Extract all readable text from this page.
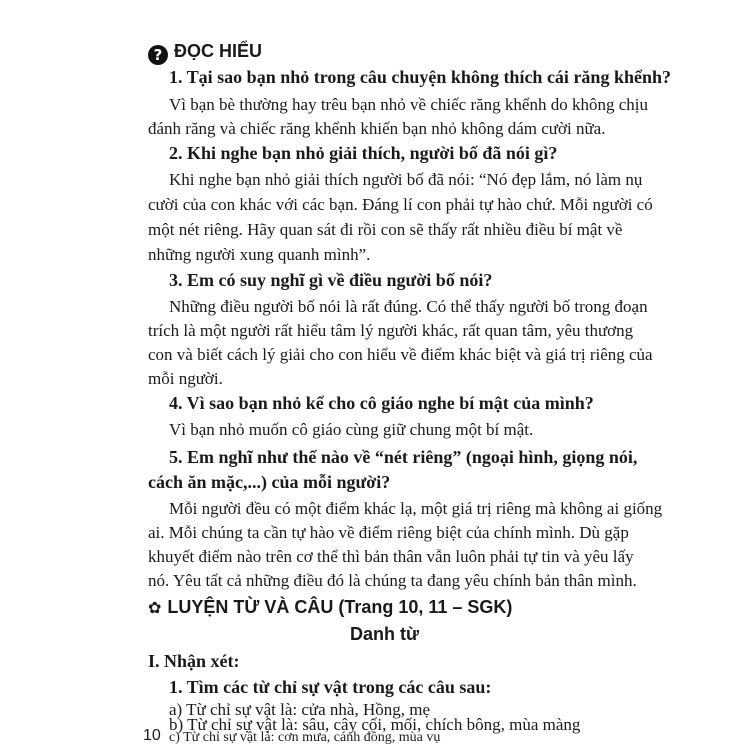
? ĐỌC HIỂU
1. Tại sao bạn nhỏ trong câu chuyện không thích cái răng khểnh?
Vì bạn bè thường hay trêu bạn nhỏ về chiếc răng khểnh do không chịu
đánh răng và chiếc răng khểnh khiến bạn nhỏ không dám cười nữa.
2. Khi nghe bạn nhỏ giải thích, người bố đã nói gì?
Khi nghe bạn nhỏ giải thích người bố đã nói: “Nó đẹp lắm, nó làm nụ
cười của con khác với các bạn. Đáng lí con phải tự hào chứ. Mỗi người có
một nét riêng. Hãy quan sát đi rồi con sẽ thấy rất nhiều điều bí mật về
những người xung quanh mình”.
3. Em có suy nghĩ gì về điều người bố nói?
Những điều người bố nói là rất đúng. Có thể thấy người bố trong đoạn
trích là một người rất hiểu tâm lý người khác, rất quan tâm, yêu thương
con và biết cách lý giải cho con hiểu về điểm khác biệt và giá trị riêng của
mỗi người.
4. Vì sao bạn nhỏ kể cho cô giáo nghe bí mật của mình?
Vì bạn nhỏ muốn cô giáo cùng giữ chung một bí mật.
5. Em nghĩ như thế nào về “nét riêng” (ngoại hình, giọng nói,
cách ăn mặc,...) của mỗi người?
Mỗi người đều có một điểm khác lạ, một giá trị riêng mà không ai giống
ai. Mỗi chúng ta cần tự hào về điểm riêng biệt của chính mình. Dù gặp
khuyết điểm nào trên cơ thể thì bản thân vẫn luôn phải tự tin và yêu lấy
nó. Yêu tất cả những điều đó là chúng ta đang yêu chính bản thân mình.
✿ LUYỆN TỪ VÀ CÂU (Trang 10, 11 – SGK)
Danh từ
I. Nhận xét:
1. Tìm các từ chỉ sự vật trong các câu sau:
a) Từ chỉ sự vật là: cửa nhà, Hồng, mẹ
b) Từ chỉ sự vật là: sâu, cây cối, mối, chích bông, mùa màng
c) Từ chỉ sự vật là: cơn mưa, cánh đồng, mùa vụ
10
